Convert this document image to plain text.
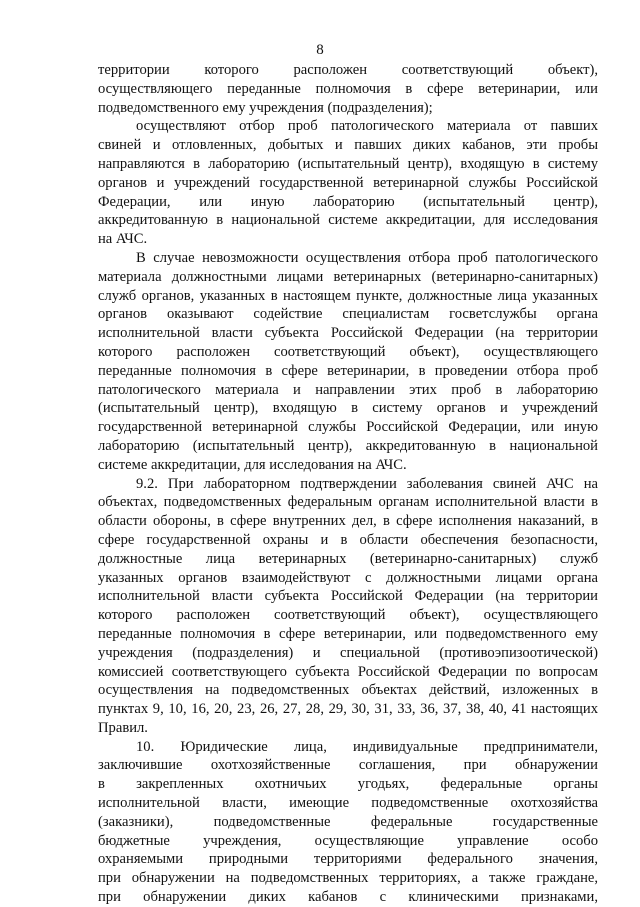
8
территории которого расположен соответствующий объект),
осуществляющего переданные полномочия в сфере ветеринарии, или
подведомственного ему учреждения (подразделения);
осуществляют отбор проб патологического материала от павших
свиней и отловленных, добытых и павших диких кабанов, эти пробы
направляются в лабораторию (испытательный центр), входящую в систему
органов и учреждений государственной ветеринарной службы Российской
Федерации, или иную лабораторию (испытательный центр),
аккредитованную в национальной системе аккредитации, для исследования
на АЧС.
В случае невозможности осуществления отбора проб патологического
материала должностными лицами ветеринарных (ветеринарно-санитарных)
служб органов, указанных в настоящем пункте, должностные лица указанных
органов оказывают содействие специалистам госветслужбы органа
исполнительной власти субъекта Российской Федерации (на территории
которого расположен соответствующий объект), осуществляющего
переданные полномочия в сфере ветеринарии, в проведении отбора проб
патологического материала и направлении этих проб в лабораторию
(испытательный центр), входящую в систему органов и учреждений
государственной ветеринарной службы Российской Федерации, или иную
лабораторию (испытательный центр), аккредитованную в национальной
системе аккредитации, для исследования на АЧС.
9.2. При лабораторном подтверждении заболевания свиней АЧС на
объектах, подведомственных федеральным органам исполнительной власти в
области обороны, в сфере внутренних дел, в сфере исполнения наказаний, в
сфере государственной охраны и в области обеспечения безопасности,
должностные лица ветеринарных (ветеринарно-санитарных) служб
указанных органов взаимодействуют с должностными лицами органа
исполнительной власти субъекта Российской Федерации (на территории
которого расположен соответствующий объект), осуществляющего
переданные полномочия в сфере ветеринарии, или подведомственного ему
учреждения (подразделения) и специальной (противоэпизоотической)
комиссией соответствующего субъекта Российской Федерации по вопросам
осуществления на подведомственных объектах действий, изложенных в
пунктах 9, 10, 16, 20, 23, 26, 27, 28, 29, 30, 31, 33, 36, 37, 38, 40, 41 настоящих
Правил.
10. Юридические лица, индивидуальные предприниматели,
заключившие охотхозяйственные соглашения, при обнаружении
в закрепленных охотничьих угодьях, федеральные органы
исполнительной власти, имеющие подведомственные охотхозяйства
(заказники), подведомственные федеральные государственные
бюджетные учреждения, осуществляющие управление особо
охраняемыми природными территориями федерального значения,
при обнаружении на подведомственных территориях, а также граждане,
при обнаружении диких кабанов с клиническими признаками,
